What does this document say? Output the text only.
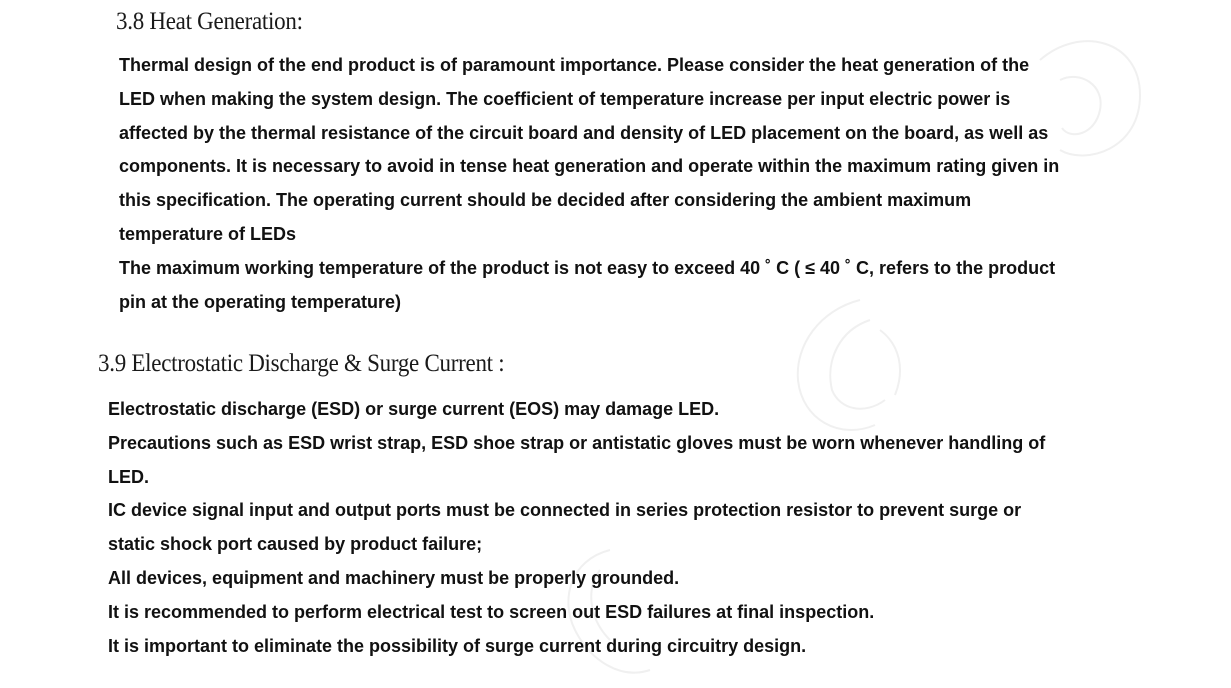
3.8 Heat Generation:
Thermal design of the end product is of paramount importance. Please consider the heat generation of the
LED when making the system design. The coefficient of temperature increase per input electric power is
affected by the thermal resistance of the circuit board and density of LED placement on the board, as well as
components. It is necessary to avoid in tense heat generation and operate within the maximum rating given in
this specification. The operating current should be decided after considering the ambient maximum
temperature of LEDs
The maximum working temperature of the product is not easy to exceed 40 ˚ C ( ≤ 40 ˚ C, refers to the product
pin at the operating temperature)
3.9 Electrostatic Discharge & Surge Current :
Electrostatic discharge (ESD) or surge current (EOS) may damage LED.
Precautions such as ESD wrist strap, ESD shoe strap or antistatic gloves must be worn whenever handling of
LED.
IC device signal input and output ports must be connected in series protection resistor to prevent surge or
static shock port caused by product failure;
All devices, equipment and machinery must be properly grounded.
It is recommended to perform electrical test to screen out ESD failures at final inspection.
It is important to eliminate the possibility of surge current during circuitry design.
